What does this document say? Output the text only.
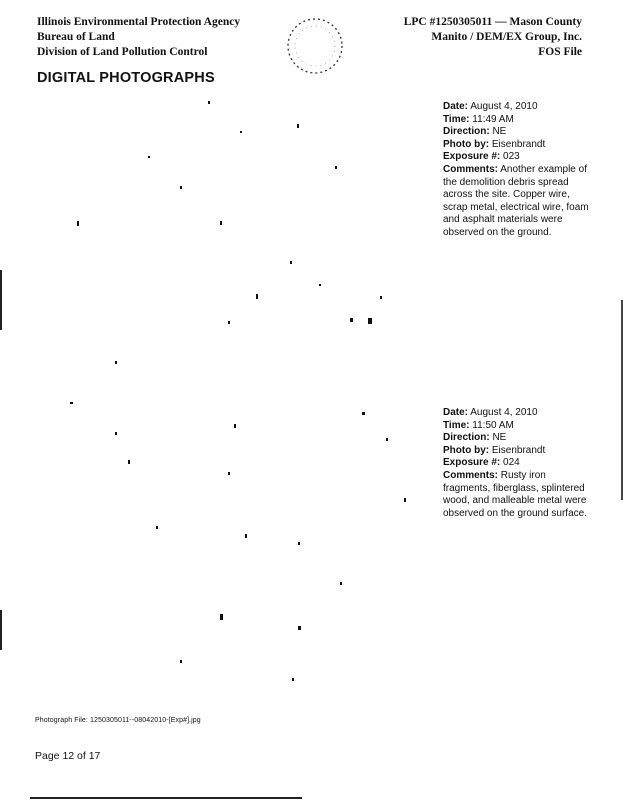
Illinois Environmental Protection Agency
Bureau of Land
Division of Land Pollution Control
LPC #1250305011 — Mason County
Manito / DEM/EX Group, Inc.
FOS File
DIGITAL PHOTOGRAPHS
Date: August 4, 2010
Time: 11:49 AM
Direction: NE
Photo by: Eisenbrandt
Exposure #: 023
Comments: Another example of the demolition debris spread across the site. Copper wire, scrap metal, electrical wire, foam and asphalt materials were observed on the ground.
Date: August 4, 2010
Time: 11:50 AM
Direction: NE
Photo by: Eisenbrandt
Exposure #: 024
Comments: Rusty iron fragments, fiberglass, splintered wood, and malleable metal were observed on the ground surface.
Photograph File: 1250305011--08042010-[Exp#].jpg
Page 12 of 17
